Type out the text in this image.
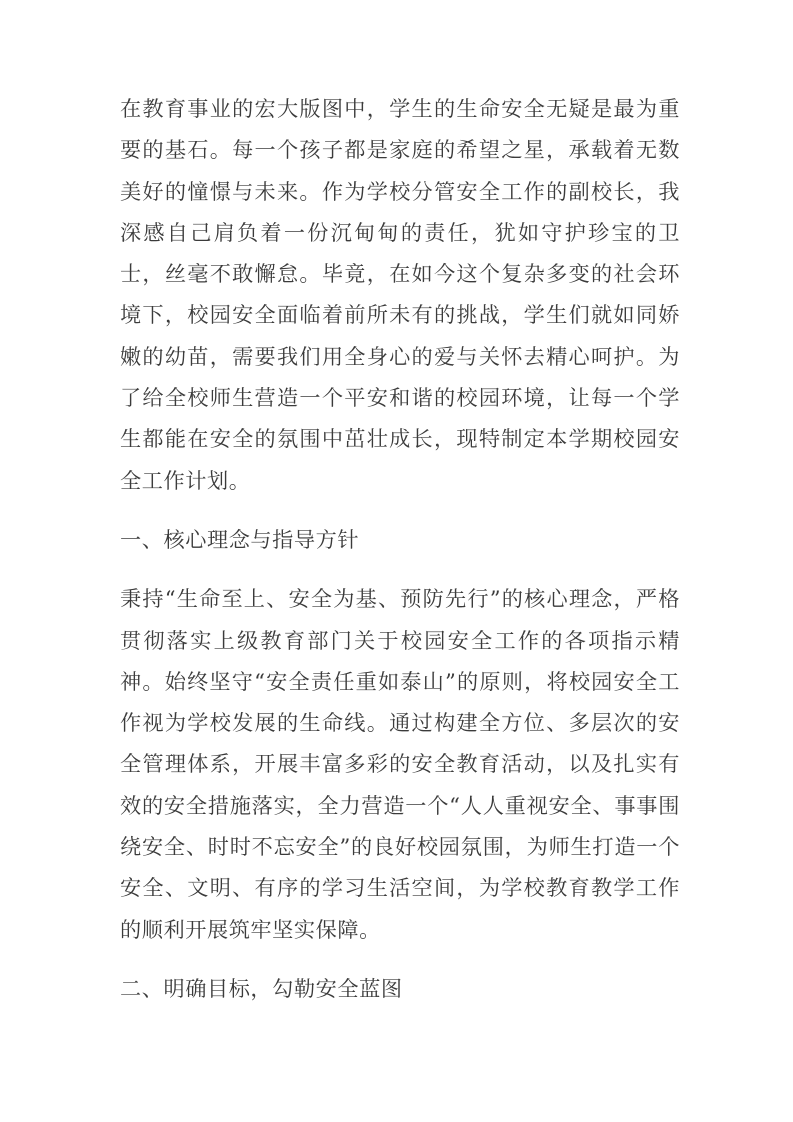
在教育事业的宏大版图中，学生的生命安全无疑是最为重要的基石。每一个孩子都是家庭的希望之星，承载着无数美好的憧憬与未来。作为学校分管安全工作的副校长，我深感自己肩负着一份沉甸甸的责任，犹如守护珍宝的卫士，丝毫不敢懈怠。毕竟，在如今这个复杂多变的社会环境下，校园安全面临着前所未有的挑战，学生们就如同娇嫩的幼苗，需要我们用全身心的爱与关怀去精心呵护。为了给全校师生营造一个平安和谐的校园环境，让每一个学生都能在安全的氛围中茁壮成长，现特制定本学期校园安全工作计划。

一、核心理念与指导方针

秉持“生命至上、安全为基、预防先行”的核心理念，严格贯彻落实上级教育部门关于校园安全工作的各项指示精神。始终坚守“安全责任重如泰山”的原则，将校园安全工作视为学校发展的生命线。通过构建全方位、多层次的安全管理体系，开展丰富多彩的安全教育活动，以及扎实有效的安全措施落实，全力营造一个“人人重视安全、事事围绕安全、时时不忘安全”的良好校园氛围，为师生打造一个安全、文明、有序的学习生活空间，为学校教育教学工作的顺利开展筑牢坚实保障。

二、明确目标，勾勒安全蓝图
